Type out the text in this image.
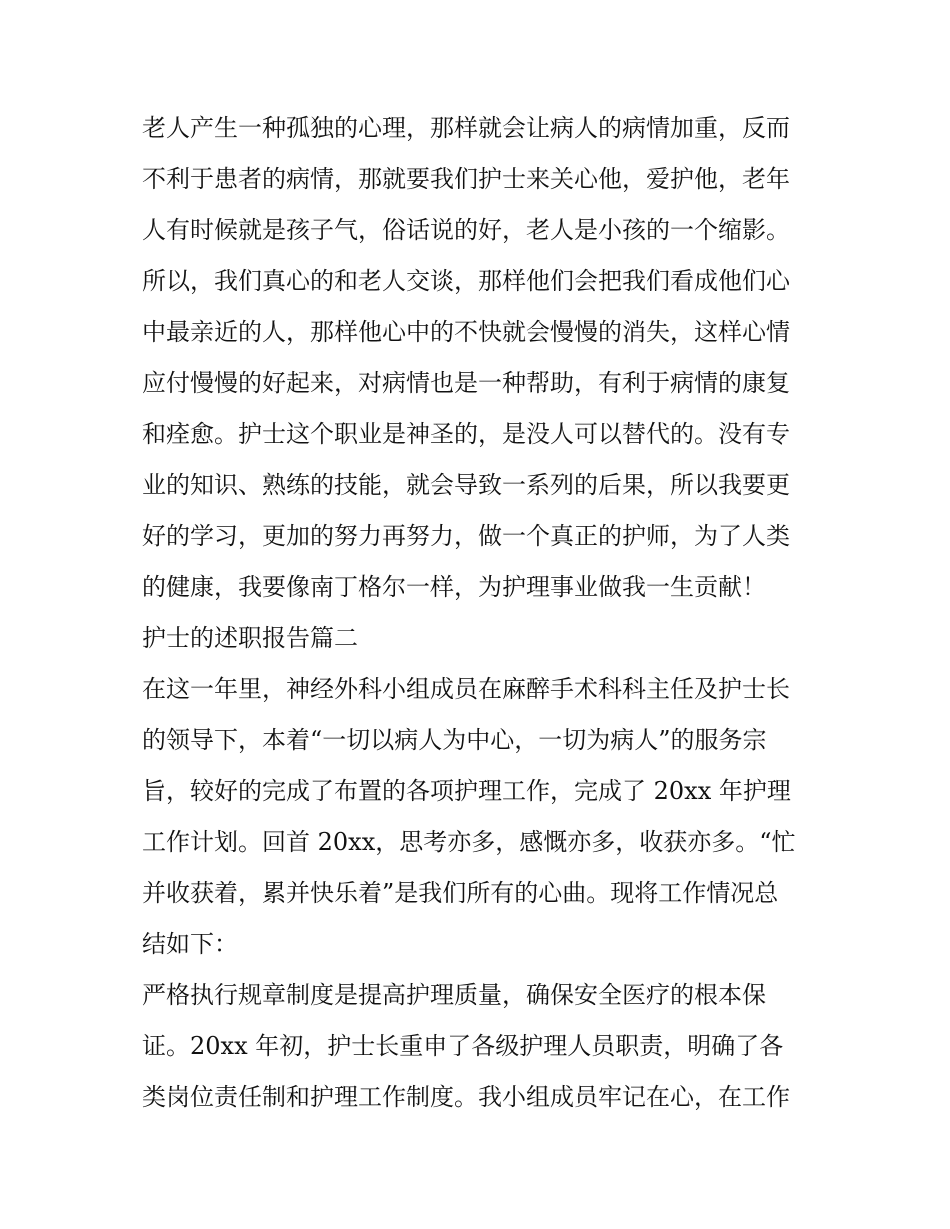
老人产生一种孤独的心理，那样就会让病人的病情加重，反而
不利于患者的病情，那就要我们护士来关心他，爱护他，老年
人有时候就是孩子气，俗话说的好，老人是小孩的一个缩影。
所以，我们真心的和老人交谈，那样他们会把我们看成他们心
中最亲近的人，那样他心中的不快就会慢慢的消失，这样心情
应付慢慢的好起来，对病情也是一种帮助，有利于病情的康复
和痊愈。护士这个职业是神圣的，是没人可以替代的。没有专
业的知识、熟练的技能，就会导致一系列的后果，所以我要更
好的学习，更加的努力再努力，做一个真正的护师，为了人类
的健康，我要像南丁格尔一样，为护理事业做我一生贡献！
护士的述职报告篇二
在这一年里，神经外科小组成员在麻醉手术科科主任及护士长
的领导下，本着“一切以病人为中心，一切为病人”的服务宗
旨，较好的完成了布置的各项护理工作，完成了 20xx 年护理
工作计划。回首 20xx，思考亦多，感慨亦多，收获亦多。“忙
并收获着，累并快乐着”是我们所有的心曲。现将工作情况总
结如下：
严格执行规章制度是提高护理质量，确保安全医疗的根本保
证。20xx 年初，护士长重申了各级护理人员职责，明确了各
类岗位责任制和护理工作制度。我小组成员牢记在心，在工作
